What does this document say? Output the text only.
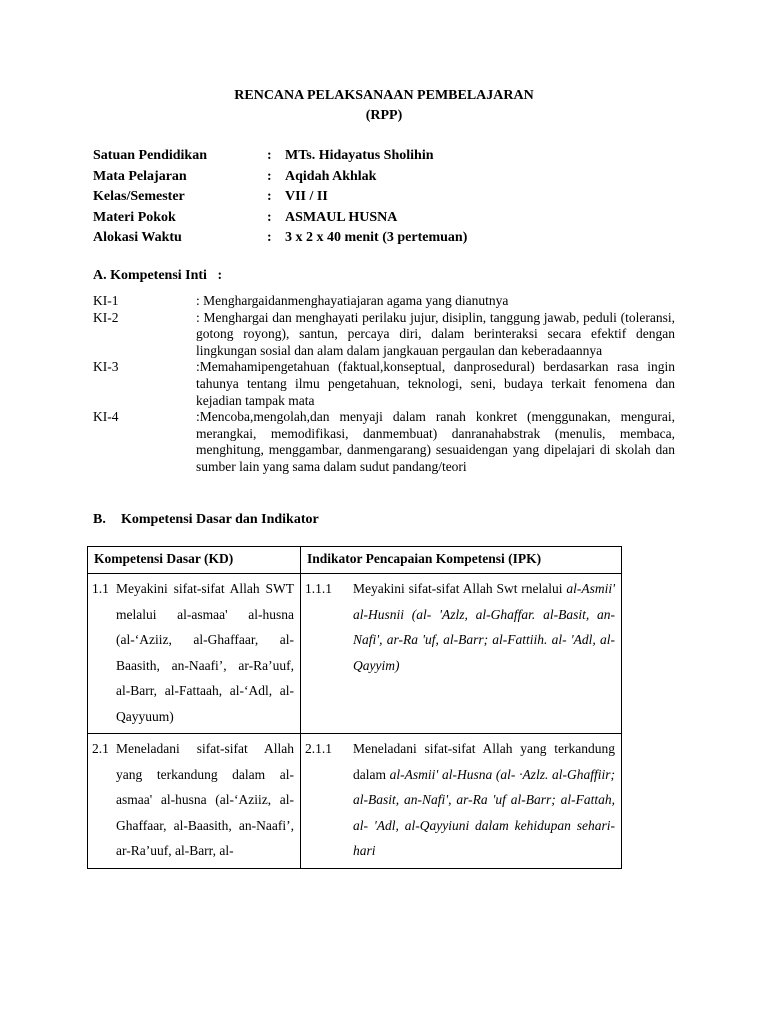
RENCANA PELAKSANAAN PEMBELAJARAN
(RPP)
Satuan Pendidikan	: MTs. Hidayatus Sholihin
Mata Pelajaran	: Aqidah Akhlak
Kelas/Semester	: VII / II
Materi Pokok	: ASMAUL HUSNA
Alokasi Waktu	: 3 x 2 x 40 menit (3 pertemuan)
A. Kompetensi Inti   :
KI-1	: Menghargaidanmenghayatiajaran agama yang dianutnya
KI-2	: Menghargai dan menghayati perilaku jujur, disiplin, tanggung jawab, peduli (toleransi, gotong royong), santun, percaya diri, dalam berinteraksi secara efektif dengan lingkungan sosial dan alam dalam jangkauan pergaulan dan keberadaannya
KI-3	:Memahamipengetahuan (faktual,konseptual, danprosedural) berdasarkan rasa ingin tahunya tentang ilmu pengetahuan, teknologi, seni, budaya terkait fenomena dan kejadian tampak mata
KI-4	:Mencoba,mengolah,dan menyaji dalam ranah konkret (menggunakan, mengurai, merangkai, memodifikasi, danmembuat) danranahabstrak (menulis, membaca, menghitung, menggambar, danmengarang) sesuaidengan yang dipelajari di skolah dan sumber lain yang sama dalam sudut pandang/teori
B. Kompetensi Dasar dan Indikator
Kompetensi Dasar (KD)	Indikator Pencapaian Kompetensi (IPK)

1.1 Meyakini sifat-sifat Allah SWT melalui al-asmaa' al-husna (al-‘Aziiz, al-Ghaffaar, al- Baasith, an-Naafi’, ar-Ra’uuf, al-Barr, al-Fattaah, al-‘Adl, al-Qayyuum)	1.1.1 Meyakini sifat-sifat Allah Swt rnelalui al-Asmii' al-Husnii (al- 'Azlz, al-Ghaffar. al-Basit, an-Nafi', ar-Ra 'uf, al-Barr; al-Fattiih. al- 'Adl, al-Qayyim)

2.1 Meneladani sifat-sifat Allah yang terkandung dalam al-asmaa' al-husna (al-‘Aziiz, al- Ghaffaar, al-Baasith, an-Naafi’, ar-Ra’uuf, al-Barr, al-	2.1.1 Meneladani sifat-sifat Allah yang terkandung dalam al-Asmii' al-Husna (al- ·Azlz. al-Ghaffiir; al-Basit, an-Nafi', ar-Ra 'uf al-Barr; al-Fattah, al- 'Adl, al-Qayyiuni dalam kehidupan sehari-hari
